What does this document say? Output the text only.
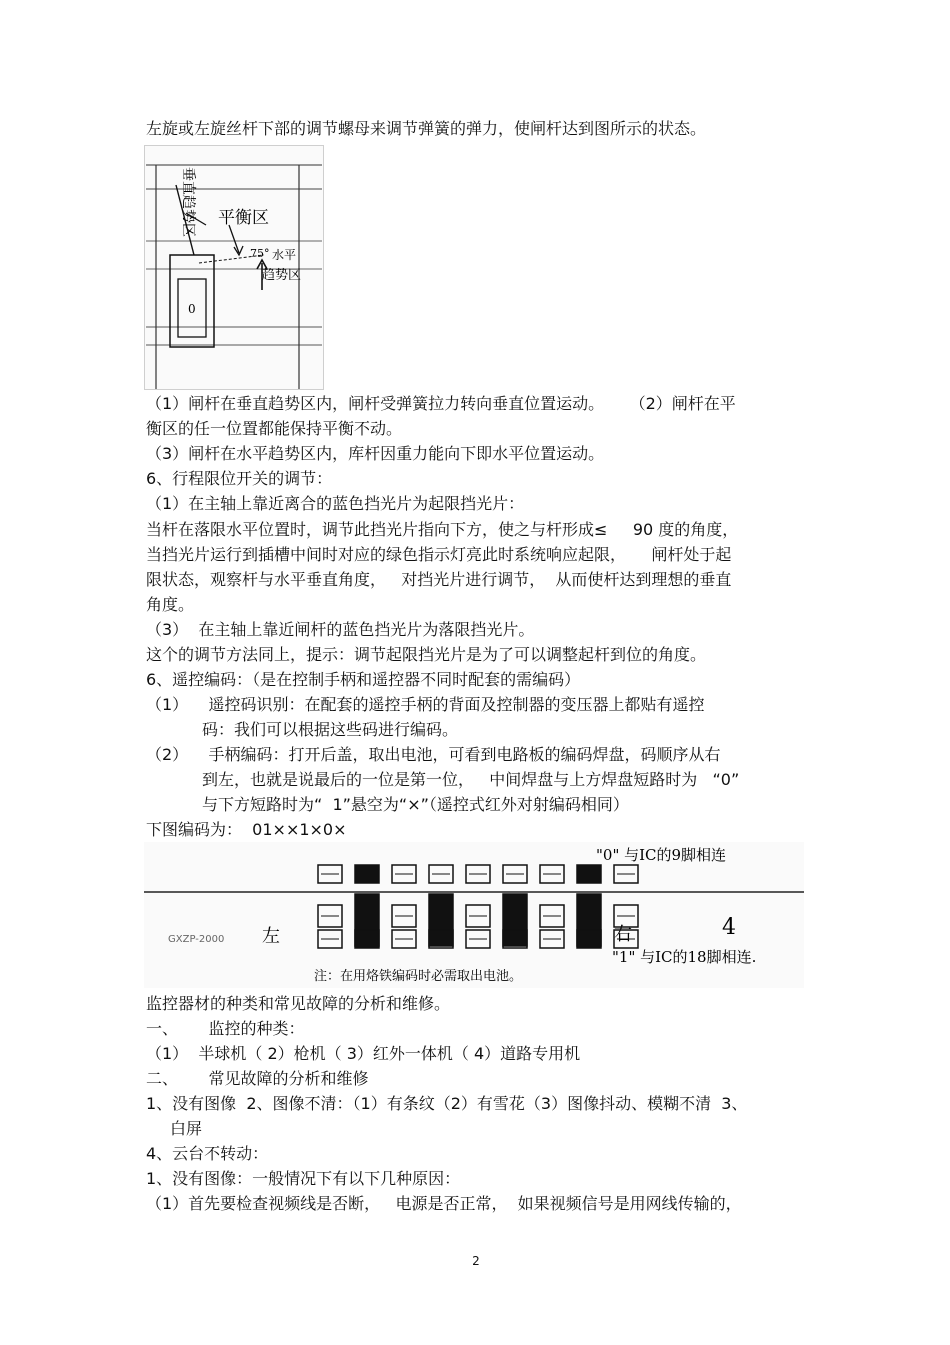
左旋或左旋丝杆下部的调节螺母来调节弹簧的弹力，使闸杆达到图所示的状态。

0
垂直趋势区 平衡区
75° 水平
趋势区

（1）闸杆在垂直趋势区内，闸杆受弹簧拉力转向垂直位置运动。     （2）闸杆在平

衡区的任一位置都能保持平衡不动。

（3）闸杆在水平趋势区内，库杆因重力能向下即水平位置运动。

6、行程限位开关的调节：

（1）在主轴上靠近离合的蓝色挡光片为起限挡光片：

当杆在落限水平位置时，调节此挡光片指向下方，使之与杆形成≤     90 度的角度，

当挡光片运行到插槽中间时对应的绿色指示灯亮此时系统响应起限，     闸杆处于起

限状态，观察杆与水平垂直角度，   对挡光片进行调节，  从而使杆达到理想的垂直

角度。

（3）  在主轴上靠近闸杆的蓝色挡光片为落限挡光片。

这个的调节方法同上，提示：调节起限挡光片是为了可以调整起杆到位的角度。

6、遥控编码：（是在控制手柄和遥控器不同时配套的需编码）

（1）    遥控码识别：在配套的遥控手柄的背面及控制器的变压器上都贴有遥控

码：我们可以根据这些码进行编码。

（2）    手柄编码：打开后盖，取出电池，可看到电路板的编码焊盘，码顺序从右

到左，也就是说最后的一位是第一位，   中间焊盘与上方焊盘短路时为   “0”

与下方短路时为“  1”悬空为“×”（遥控式红外对射编码相同）

下图编码为：  01××1×0×

GXZP-2000 左	右
"0" 与IC的9脚相连
"1" 与IC的18脚相连.
注：在用烙铁编码时必需取出电池。
4

监控器材的种类和常见故障的分析和维修。

一、      监控的种类：

（1）  半球机（ 2）枪机（ 3）红外一体机（ 4）道路专用机

二、      常见故障的分析和维修

1、没有图像  2、图像不清：（1）有条纹（2）有雪花（3）图像抖动、模糊不清  3、

白屏

4、云台不转动：

1、没有图像：一般情况下有以下几种原因：

（1）首先要检查视频线是否断，   电源是否正常，  如果视频信号是用网线传输的，

2
